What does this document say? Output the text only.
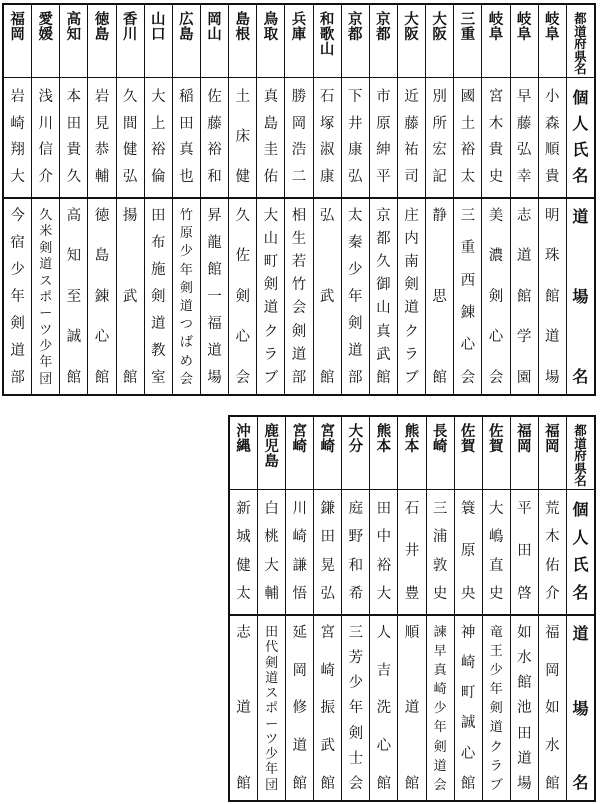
福
岡
岩
崎
翔
大
今
宿
少
年
剣
道
部
愛
媛
浅
川
信
介
久
米
剣
道
ス
ポ
ー
ツ
少
年
団
高
知
本
田
貴
久
高
知
至
誠
館
徳
島
岩
見
恭
輔
徳
島
錬
心
館
香
川
久
間
健
弘
揚
武
館
山
口
大
上
裕
倫
田
布
施
剣
道
教
室
広
島
稲
田
真
也
竹
原
少
年
剣
道
つ
ば
め
会
岡
山
佐
藤
裕
和
昇
龍
館
一
福
道
場
島
根
土
床
健
久
佐
剣
心
会
鳥
取
真
島
圭
佑
大
山
町
剣
道
ク
ラ
ブ
兵
庫
勝
岡
浩
二
相
生
若
竹
会
剣
道
部
和
歌
山
石
塚
淑
康
弘
武
館
京
都
下
井
康
弘
太
秦
少
年
剣
道
部
京
都
市
原
紳
平
京
都
久
御
山
真
武
館
大
阪
近
藤
祐
司
庄
内
南
剣
道
ク
ラ
ブ
大
阪
別
所
宏
記
静
思
館
三
重
國
土
裕
太
三
重
西
錬
心
会
岐
阜
宮
木
貴
史
美
濃
剣
心
会
岐
阜
早
藤
弘
幸
志
道
館
学
園
岐
阜
小
森
順
貴
明
珠
館
道
場
都
道
府
県
名
個
人
氏
名
道
場
名
沖
縄
新
城
健
太
志
道
館
鹿
児
島
白
桃
大
輔
田
代
剣
道
ス
ポ
ー
ツ
少
年
団
宮
崎
川
崎
謙
悟
延
岡
修
道
館
宮
崎
鎌
田
晃
弘
宮
崎
振
武
館
大
分
庭
野
和
希
三
芳
少
年
剣
士
会
熊
本
田
中
裕
大
人
吉
洗
心
館
熊
本
石
井
豊
順
道
館
長
崎
三
浦
敦
史
諫
早
真
崎
少
年
剣
道
会
佐
賀
簑
原
央
神
崎
町
誠
心
館
佐
賀
大
嶋
直
史
竜
王
少
年
剣
道
ク
ラ
ブ
福
岡
平
田
啓
如
水
館
池
田
道
場
福
岡
荒
木
佑
介
福
岡
如
水
館
都
道
府
県
名
個
人
氏
名
道
場
名
